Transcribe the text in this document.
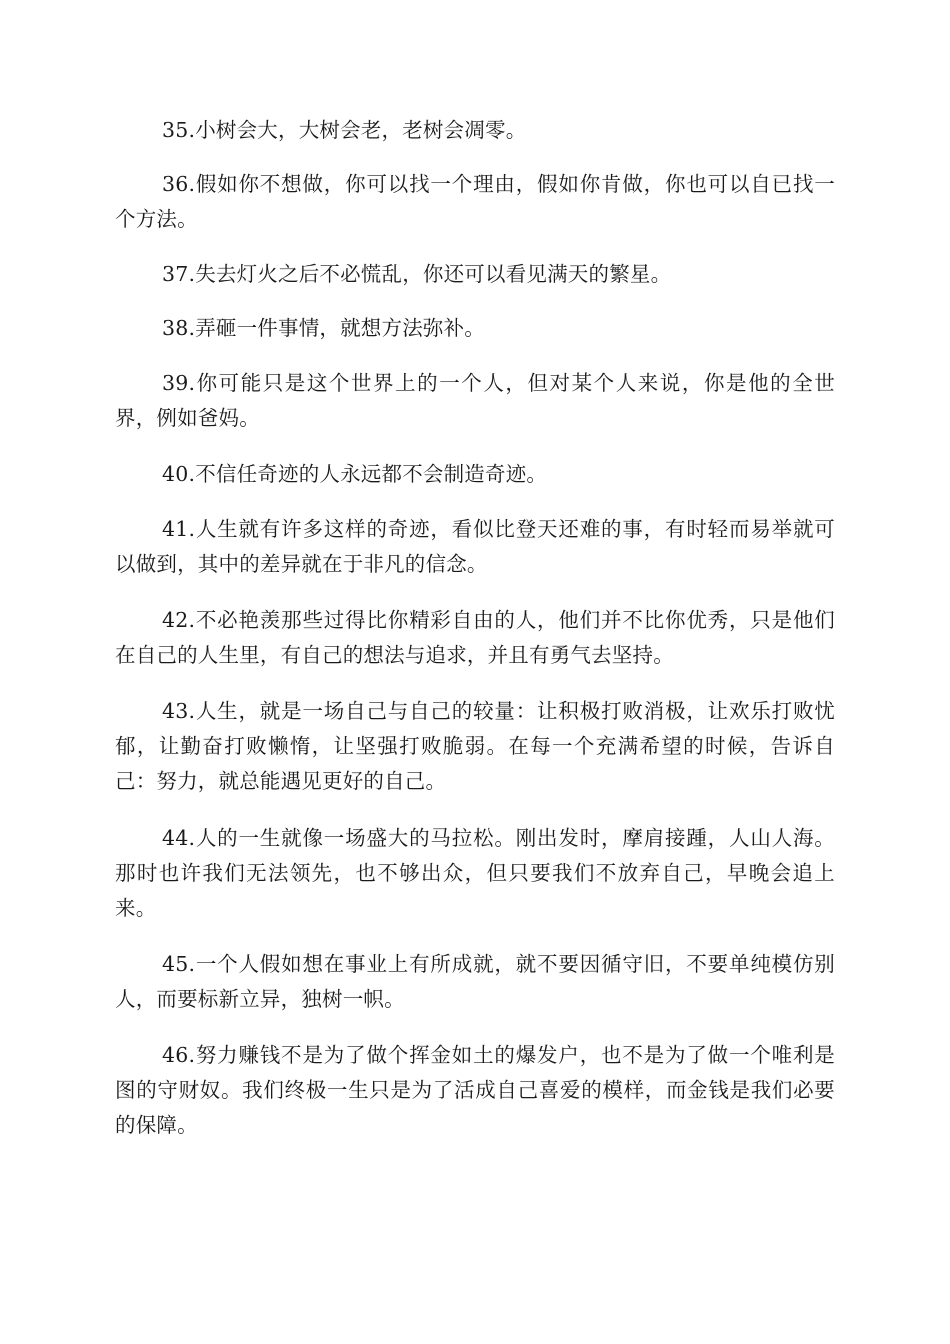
35.小树会大，大树会老，老树会凋零。

36.假如你不想做，你可以找一个理由，假如你肯做，你也可以自已找一个方法。

37.失去灯火之后不必慌乱，你还可以看见满天的繁星。

38.弄砸一件事情，就想方法弥补。

39.你可能只是这个世界上的一个人，但对某个人来说，你是他的全世界，例如爸妈。

40.不信任奇迹的人永远都不会制造奇迹。

41.人生就有许多这样的奇迹，看似比登天还难的事，有时轻而易举就可以做到，其中的差异就在于非凡的信念。

42.不必艳羡那些过得比你精彩自由的人，他们并不比你优秀，只是他们在自己的人生里，有自己的想法与追求，并且有勇气去坚持。

43.人生，就是一场自己与自己的较量：让积极打败消极，让欢乐打败忧郁，让勤奋打败懒惰，让坚强打败脆弱。在每一个充满希望的时候，告诉自己：努力，就总能遇见更好的自己。

44.人的一生就像一场盛大的马拉松。刚出发时，摩肩接踵，人山人海。那时也许我们无法领先，也不够出众，但只要我们不放弃自己，早晚会追上来。

45.一个人假如想在事业上有所成就，就不要因循守旧，不要单纯模仿别人，而要标新立异，独树一帜。

46.努力赚钱不是为了做个挥金如土的爆发户，也不是为了做一个唯利是图的守财奴。我们终极一生只是为了活成自己喜爱的模样，而金钱是我们必要的保障。
